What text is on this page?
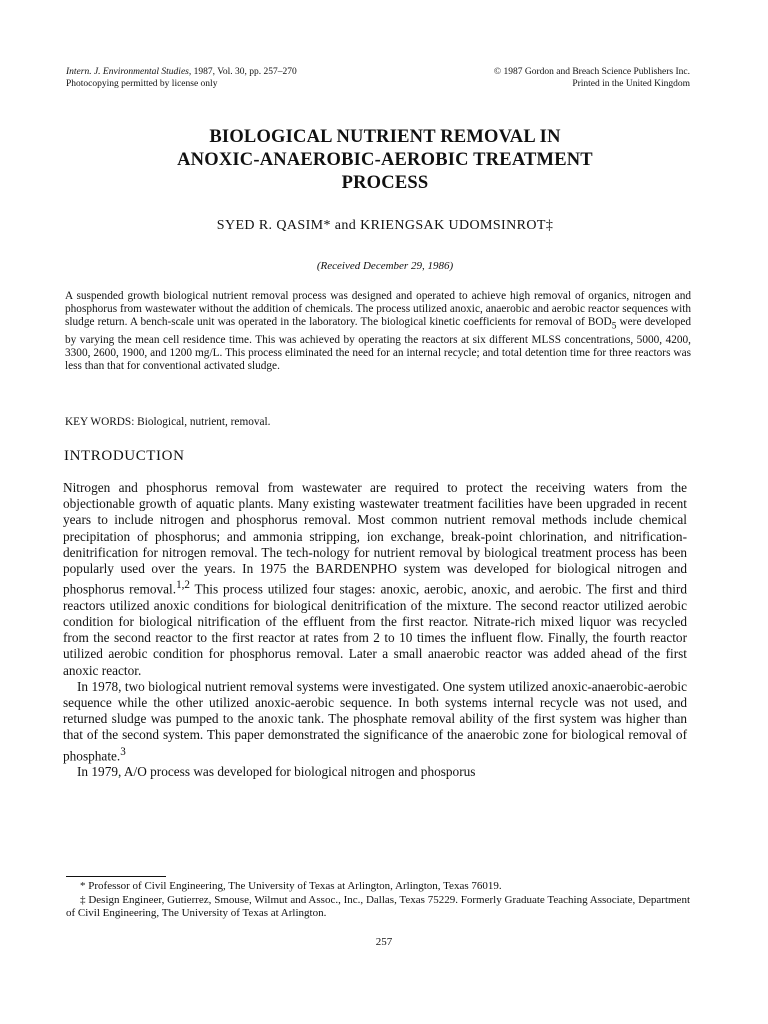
Intern. J. Environmental Studies, 1987, Vol. 30, pp. 257–270
Photocopying permitted by license only
© 1987 Gordon and Breach Science Publishers Inc.
Printed in the United Kingdom
BIOLOGICAL NUTRIENT REMOVAL IN
ANOXIC-ANAEROBIC-AEROBIC TREATMENT
PROCESS
SYED R. QASIM* and KRIENGSAK UDOMSINROT‡
(Received December 29, 1986)

A suspended growth biological nutrient removal process was designed and operated to achieve high removal of organics, nitrogen and phosphorus from wastewater without the addition of chemicals. The process utilized anoxic, anaerobic and aerobic reactor sequences with sludge return. A bench-scale unit was operated in the laboratory. The biological kinetic coefficients for removal of $BOD_5$ were developed by varying the mean cell residence time. This was achieved by operating the reactors at six different MLSS concentrations, 5000, 4200, 3300, 2600, 1900, and 1200 mg/L. This process eliminated the need for an internal recycle; and total detention time for three reactors was less than that for conventional activated sludge.

KEY WORDS: Biological, nutrient, removal.
INTRODUCTION

Nitrogen and phosphorus removal from wastewater are required to protect the receiving waters from the objectionable growth of aquatic plants. Many existing wastewater treatment facilities have been upgraded in recent years to include nitrogen and phosphorus removal. Most common nutrient removal methods include chemical precipitation of phosphorus; and ammonia stripping, ion exchange, break-point chlorination, and nitrification-denitrification for nitrogen removal. The tech-nology for nutrient removal by biological treatment process has been popularly used over the years. In 1975 the BARDENPHO system was developed for biological nitrogen and phosphorus removal.$^{1,2}$ This process utilized four stages: anoxic, aerobic, anoxic, and aerobic. The first and third reactors utilized anoxic conditions for biological denitrification of the mixture. The second reactor utilized aerobic condition for biological nitrification of the effluent from the first reactor. Nitrate-rich mixed liquor was recycled from the second reactor to the first reactor at rates from 2 to 10 times the influent flow. Finally, the fourth reactor utilized aerobic condition for phosphorus removal. Later a small anaerobic reactor was added ahead of the first anoxic reactor.

In 1978, two biological nutrient removal systems were investigated. One system utilized anoxic-anaerobic-aerobic sequence while the other utilized anoxic-aerobic sequence. In both systems internal recycle was not used, and returned sludge was pumped to the anoxic tank. The phosphate removal ability of the first system was higher than that of the second system. This paper demonstrated the significance of the anaerobic zone for biological removal of phosphate.$^3$

In 1979, A/O process was developed for biological nitrogen and phosporus

* Professor of Civil Engineering, The University of Texas at Arlington, Arlington, Texas 76019.

‡ Design Engineer, Gutierrez, Smouse, Wilmut and Assoc., Inc., Dallas, Texas 75229. Formerly Graduate Teaching Associate, Department of Civil Engineering, The University of Texas at Arlington.

257
